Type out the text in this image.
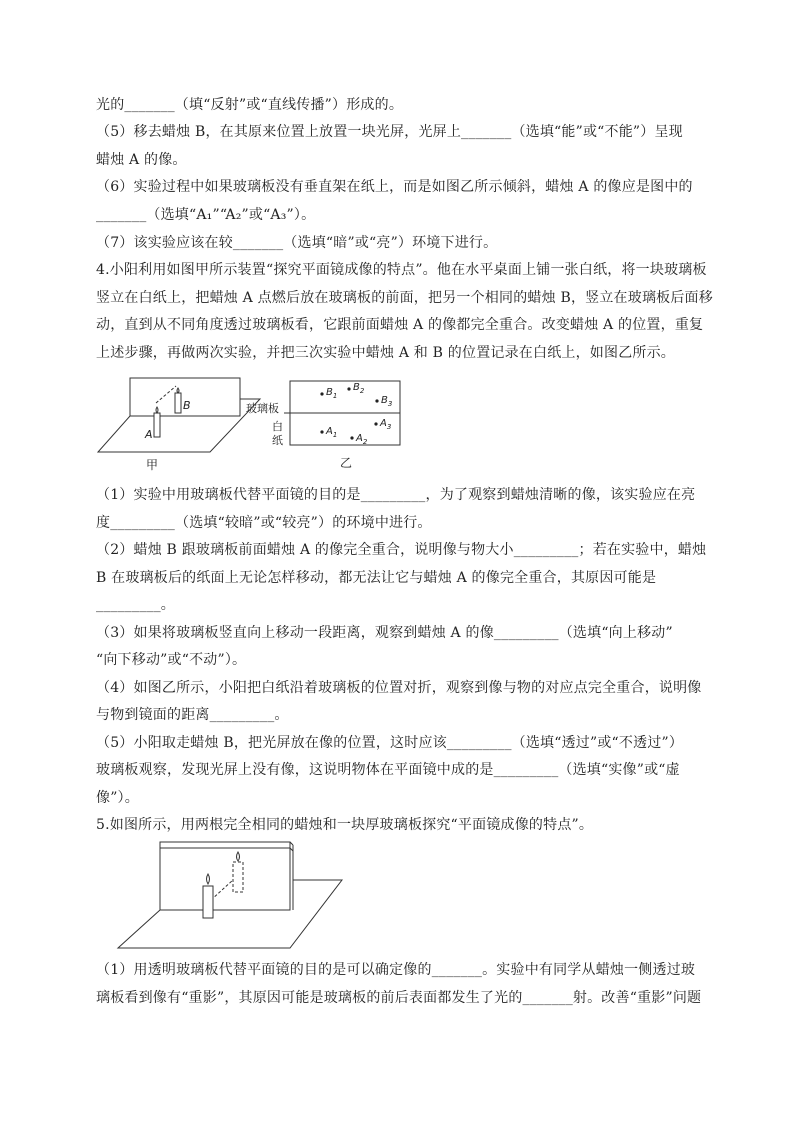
光的_______（填“反射”或“直线传播”）形成的。
（5）移去蜡烛 B，在其原来位置上放置一块光屏，光屏上_______（选填“能”或“不能”）呈现
蜡烛 A 的像。
（6）实验过程中如果玻璃板没有垂直架在纸上，而是如图乙所示倾斜，蜡烛 A 的像应是图中的
_______（选填“A₁”“A₂”或“A₃”）。
（7）该实验应该在较_______（选填“暗”或“亮”）环境下进行。
4.小阳利用如图甲所示装置“探究平面镜成像的特点”。他在水平桌面上铺一张白纸，将一块玻璃板
竖立在白纸上，把蜡烛 A 点燃后放在玻璃板的前面，把另一个相同的蜡烛 B，竖立在玻璃板后面移
动，直到从不同角度透过玻璃板看，它跟前面蜡烛 A 的像都完全重合。改变蜡烛 A 的位置，重复
上述步骤，再做两次实验，并把三次实验中蜡烛 A 和 B 的位置记录在白纸上，如图乙所示。
B
A
甲
玻璃板
白
纸
$B_1$
$B_2$
$B_3$
$A_1$ $A_2$
$A_3$
乙
（1）实验中用玻璃板代替平面镜的目的是_________，为了观察到蜡烛清晰的像，该实验应在亮
度_________（选填“较暗”或“较亮”）的环境中进行。
（2）蜡烛 B 跟玻璃板前面蜡烛 A 的像完全重合，说明像与物大小_________；若在实验中，蜡烛
B 在玻璃板后的纸面上无论怎样移动，都无法让它与蜡烛 A 的像完全重合，其原因可能是
_________。
（3）如果将玻璃板竖直向上移动一段距离，观察到蜡烛 A 的像_________（选填“向上移动”
“向下移动”或“不动”）。
（4）如图乙所示，小阳把白纸沿着玻璃板的位置对折，观察到像与物的对应点完全重合，说明像
与物到镜面的距离_________。
（5）小阳取走蜡烛 B，把光屏放在像的位置，这时应该_________（选填“透过”或“不透过”）
玻璃板观察，发现光屏上没有像，这说明物体在平面镜中成的是_________（选填“实像”或“虚
像”）。
5.如图所示，用两根完全相同的蜡烛和一块厚玻璃板探究“平面镜成像的特点”。
（1）用透明玻璃板代替平面镜的目的是可以确定像的_______。实验中有同学从蜡烛一侧透过玻
璃板看到像有“重影”，其原因可能是玻璃板的前后表面都发生了光的_______射。改善“重影”问题
